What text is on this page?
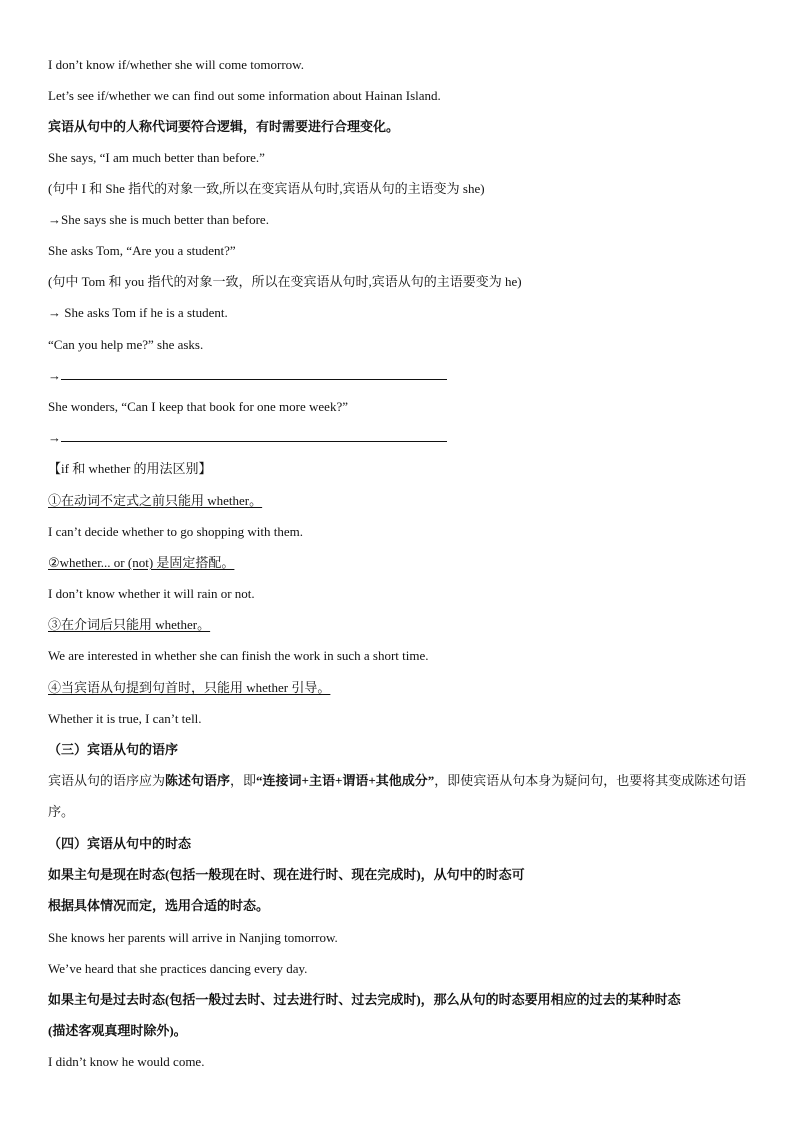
I don’t know if/whether she will come tomorrow.
Let’s see if/whether we can find out some information about Hainan Island.
宾语从句中的人称代词要符合逻辑，有时需要进行合理变化。
She says, “I am much better than before.”
(句中 I 和 She 指代的对象一致,所以在变宾语从句时,宾语从句的主语变为 she)
→She says she is much better than before.
She asks Tom, “Are you a student?”
(句中 Tom 和 you 指代的对象一致，所以在变宾语从句时,宾语从句的主语要变为 he)
→ She asks Tom if he is a student.
“Can you help me?” she asks.
→
She wonders, “Can I keep that book for one more week?”
→
【if 和 whether 的用法区别】
①在动词不定式之前只能用 whether。
I can’t decide whether to go shopping with them.
②whether... or (not) 是固定搭配。
I don’t know whether it will rain or not.
③在介词后只能用 whether。
We are interested in whether she can finish the work in such a short time.
④当宾语从句提到句首时，只能用 whether 引导。
Whether it is true, I can’t tell.
（三）宾语从句的语序
宾语从句的语序应为陈述句语序，即“连接词+主语+谓语+其他成分”，即使宾语从句本身为疑问句，也要将其变成陈述句语序。
（四）宾语从句中的时态
如果主句是现在时态(包括一般现在时、现在进行时、现在完成时)，从句中的时态可
根据具体情况而定，选用合适的时态。
She knows her parents will arrive in Nanjing tomorrow.
We’ve heard that she practices dancing every day.
如果主句是过去时态(包括一般过去时、过去进行时、过去完成时)，那么从句的时态要用相应的过去的某种时态
(描述客观真理时除外)。
I didn’t know he would come.
